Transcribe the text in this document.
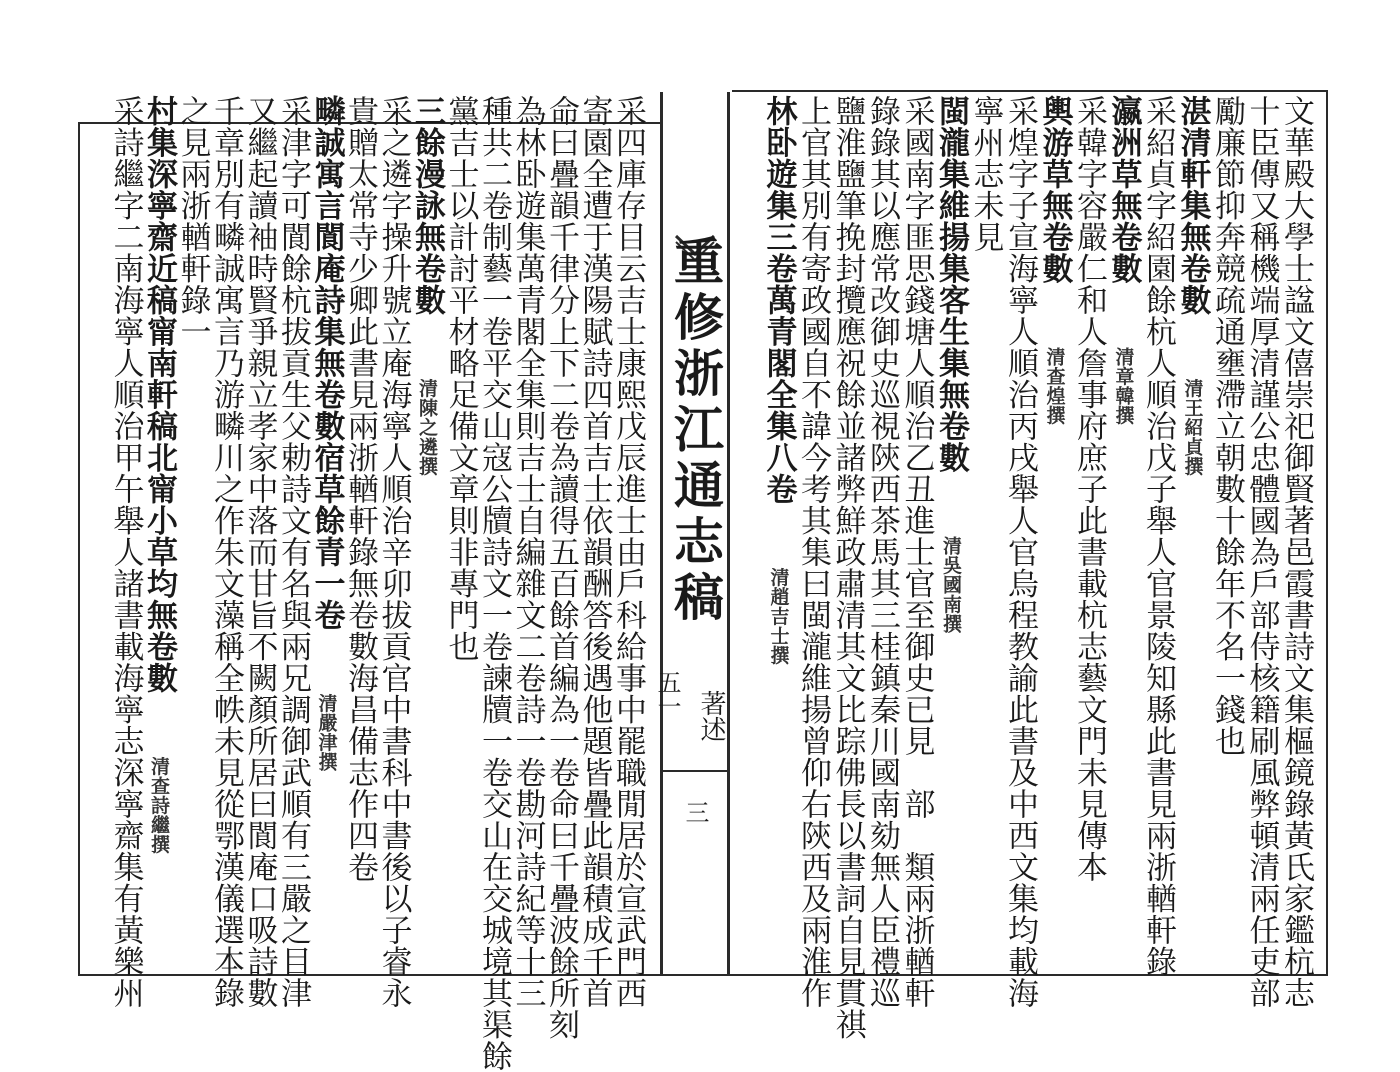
重修浙江通志稿
五一 著述
三	文華殿大學士諡文僖崇祀御賢著邑霞書詩文集樞鏡錄黃氏家鑑杭志
十臣傳又稱機端厚清謹公忠體國為戶部侍核籍刷風弊頓清兩任吏部
勵廉節抑奔競疏通壅滯立朝數十餘年不名一錢也
湛清軒集無卷數　　清王紹貞撰
采紹貞字紹園餘杭人順治戊子舉人官景陵知縣此書見兩浙輶軒錄
瀛洲草無卷數　　清章韓撰
采韓字容嚴仁和人詹事府庶子此書載杭志藝文門未見傳本
輿游草無卷數　　清查煌撰
采煌字子宣海寧人順治丙戌舉人官烏程教諭此書及中西文集均載海
寧州志未見
閩瀧集維揚集客生集無卷數　　清吳國南撰
采國南字匪思錢塘人順治乙丑進士官至御史已見　部　類兩浙輶軒
錄錄其以應常改御史巡視陝西茶馬其三桂鎮秦川國南劾無人臣禮巡
鹽淮鹽筆挽封攬應祝餘並諸弊鮮政肅清其文比踪佛長以書詞自見貫祺
上官其別有寄政國自不諱今考其集曰閩瀧維揚曾仰右陝西及兩淮作
林卧遊集三卷萬青閣全集八卷　　清趙吉士撰
采四庫存目云吉士康熙戊辰進士由戶科給事中罷職閒居於宣武門西
寄園全遭于漢陽賦詩四首吉士依韻酬答後遇他題皆疊此韻積成千首
命曰疊韻千律分上下二卷為讀得五百餘首編為一卷命曰千疊波餘所刻
為林卧遊集萬青閣全集則吉士自編雜文二卷詩一卷勘河詩紀等十三
種共二卷制藝一卷平交山寇公牘詩文一卷諫牘一卷交山在交城境其渠餘
黨吉士以計討平材略足備文章則非專門也
三餘漫詠無卷數　　清陳之遴撰
采之遴字操升號立庵海寧人順治辛卯拔貢官中書科中書後以子睿永
貴贈太常寺少卿此書見兩浙輶軒錄無卷數海昌備志作四卷
疄誠寓言閬庵詩集無卷數宿草餘青一卷　　清嚴津撰
采津字可閬餘杭拔貢生父勅詩文有名與兩兄調御武順有三嚴之目津
又繼起讀袖時賢爭親立孝家中落而甘旨不闕顏所居曰閬庵口吸詩數
千章別有疄誠寓言乃游疄川之作朱文藻稱全帙未見從鄂漢儀選本錄
之見兩浙輶軒錄一
村集深寧齋近稿甯南軒稿北甯小草均無卷數　　清查詩繼撰
采詩繼字二南海寧人順治甲午舉人諸書載海寧志深寧齋集有黃樂州
